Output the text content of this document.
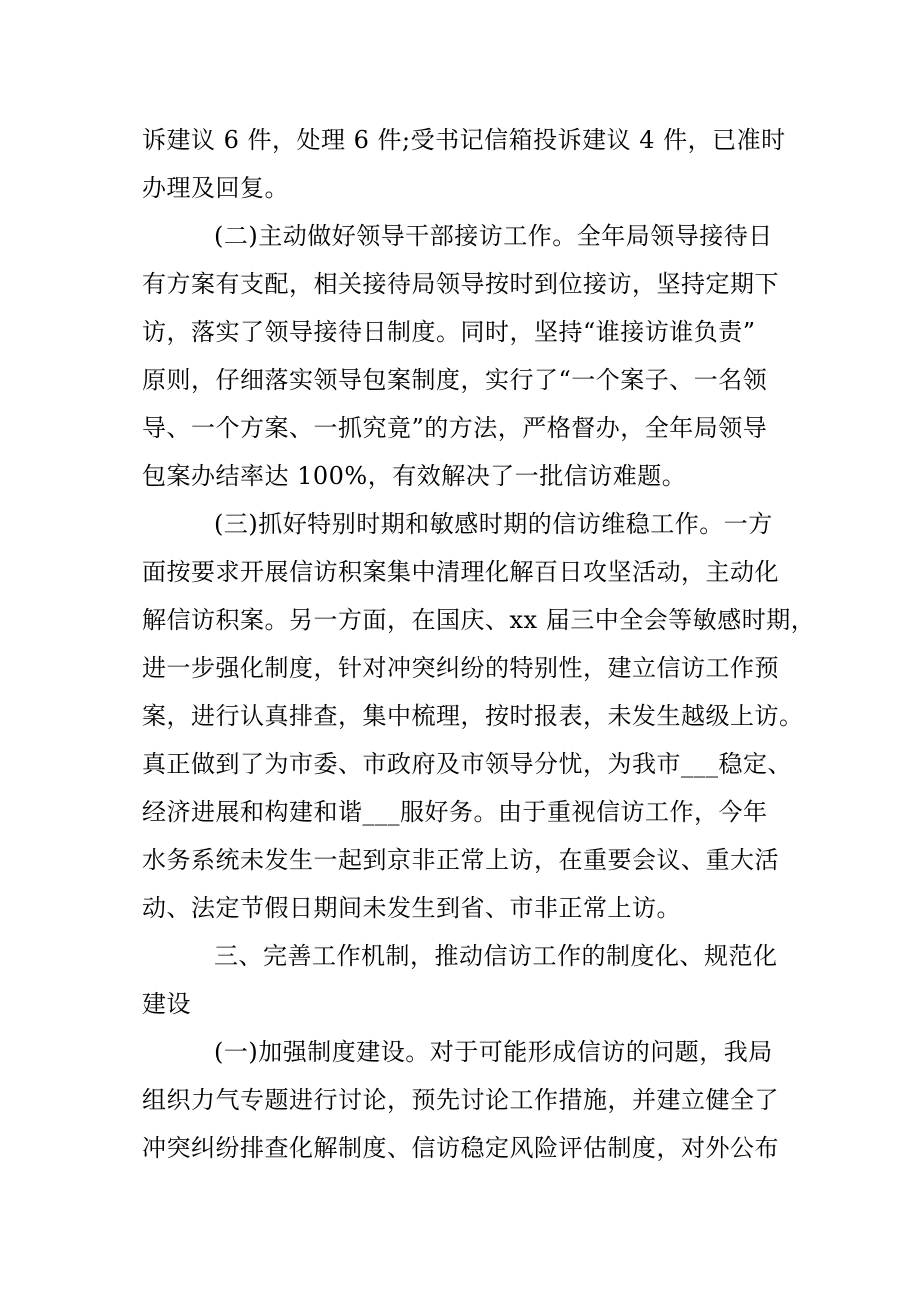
诉建议 6 件，处理 6 件;受书记信箱投诉建议 4 件，已准时
办理及回复。
(二)主动做好领导干部接访工作。全年局领导接待日
有方案有支配，相关接待局领导按时到位接访，坚持定期下
访，落实了领导接待日制度。同时，坚持“谁接访谁负责”
原则，仔细落实领导包案制度，实行了“一个案子、一名领
导、一个方案、一抓究竟”的方法，严格督办，全年局领导
包案办结率达 100%，有效解决了一批信访难题。
(三)抓好特别时期和敏感时期的信访维稳工作。一方
面按要求开展信访积案集中清理化解百日攻坚活动，主动化
解信访积案。另一方面，在国庆、xx 届三中全会等敏感时期，
进一步强化制度，针对冲突纠纷的特别性，建立信访工作预
案，进行认真排查，集中梳理，按时报表，未发生越级上访。
真正做到了为市委、市政府及市领导分忧，为我市___稳定、
经济进展和构建和谐___服好务。由于重视信访工作，今年
水务系统未发生一起到京非正常上访，在重要会议、重大活
动、法定节假日期间未发生到省、市非正常上访。
三、完善工作机制，推动信访工作的制度化、规范化
建设
(一)加强制度建设。对于可能形成信访的问题，我局
组织力气专题进行讨论，预先讨论工作措施，并建立健全了
冲突纠纷排查化解制度、信访稳定风险评估制度，对外公布
